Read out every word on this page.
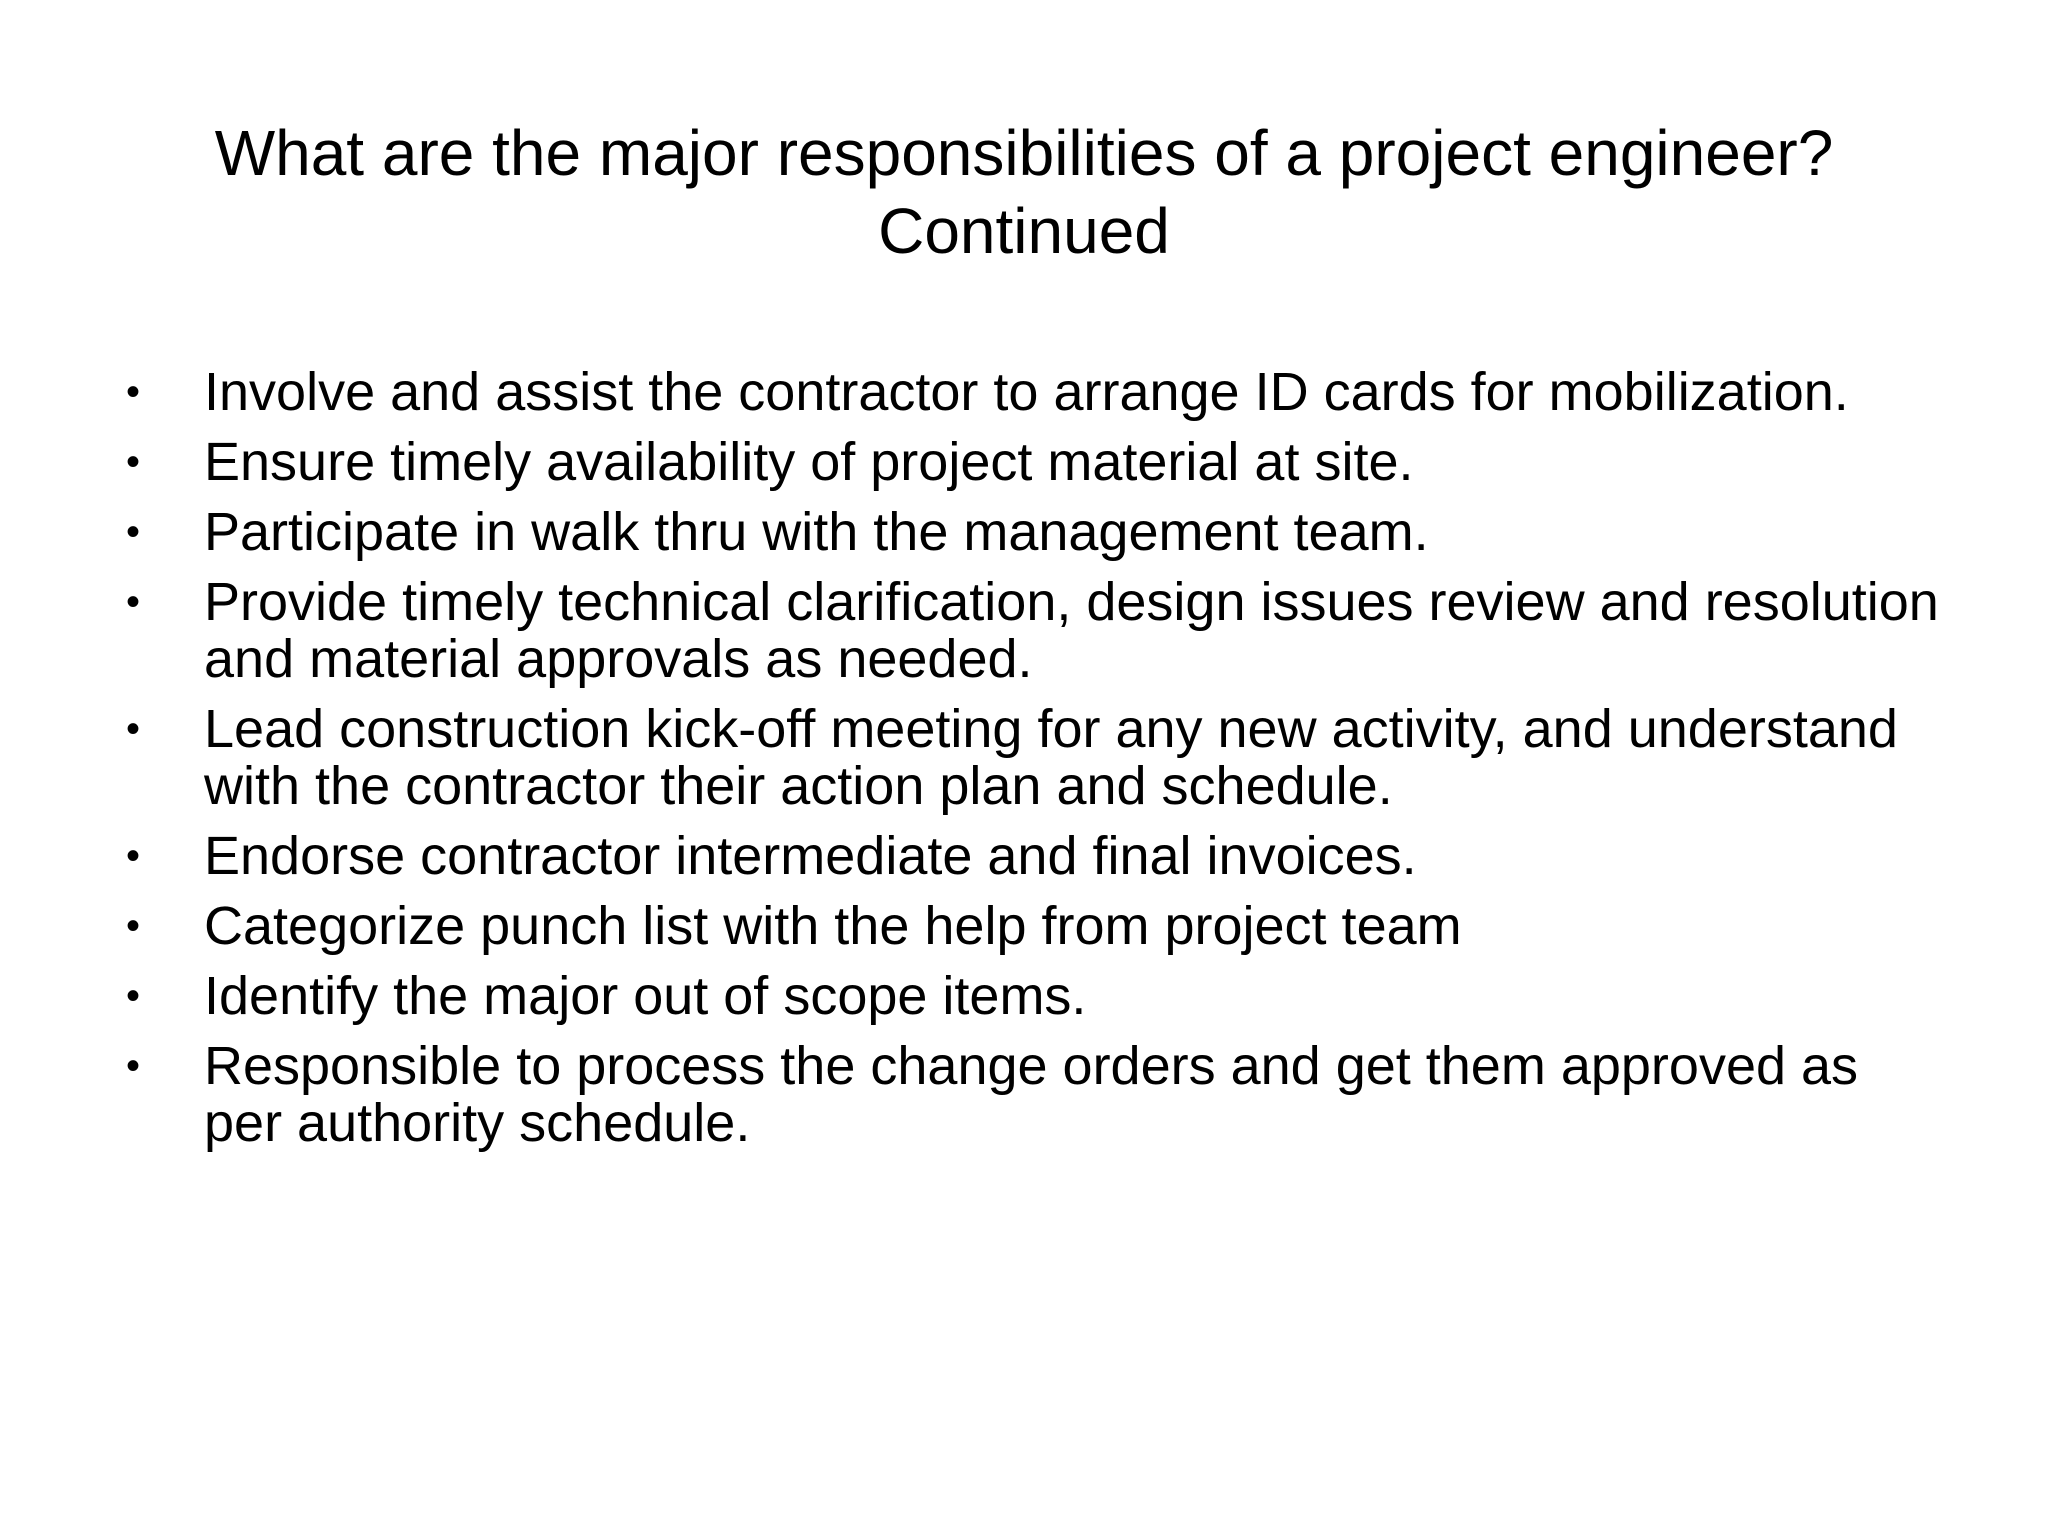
What are the major responsibilities of a project engineer?
Continued
• Involve and assist the contractor to arrange ID cards for mobilization.
• Ensure timely availability of project material at site.
• Participate in walk thru with the management team.
• Provide timely technical clarification, design issues review and resolution and material approvals as needed.
• Lead construction kick-off meeting for any new activity, and understand with the contractor their action plan and schedule.
• Endorse contractor intermediate and final invoices.
• Categorize punch list with the help from project team
• Identify the major out of scope items.
• Responsible to process the change orders and get them approved as per authority schedule.
